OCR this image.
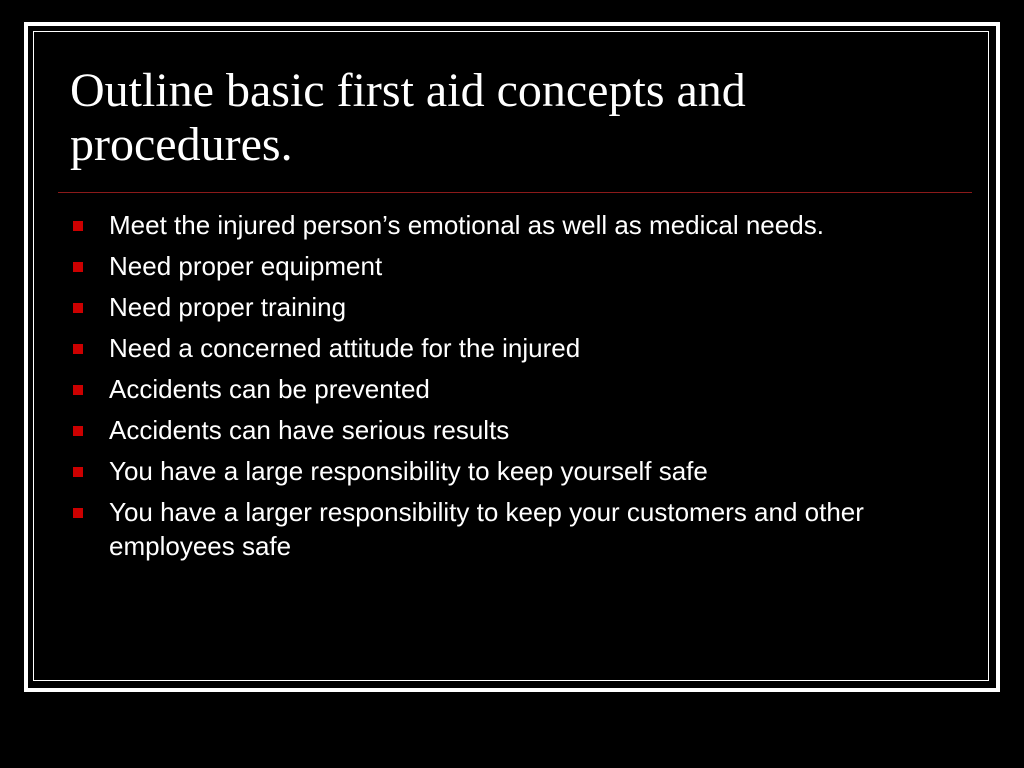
Outline basic first aid concepts and procedures.
Meet the injured person’s emotional as well as medical needs.
Need proper equipment
Need proper training
Need a concerned attitude for the injured
Accidents can be prevented
Accidents can have serious results
You have a large responsibility to keep yourself safe
You have a larger responsibility to keep your customers and other employees safe
